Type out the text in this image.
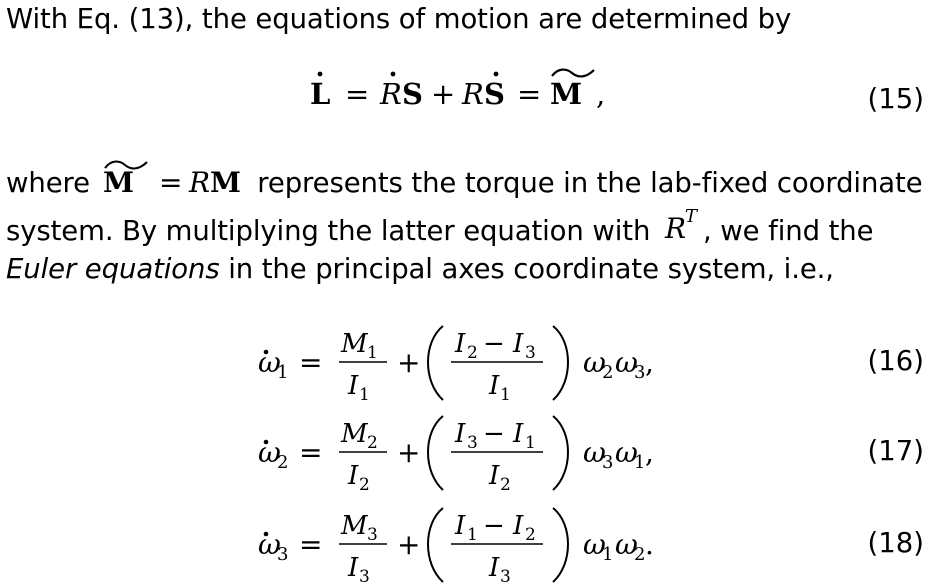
With Eq. (13), the equations of motion are determined by
L = R S + R S = M ,	(15)
where M = R M represents the torque in the lab-fixed coordinate
system. By multiplying the latter equation with R T , we find the
Euler equations in the principal axes coordinate system, i.e.,
ω
1 =
M 1
I 1
+
I 2 − I 3
I 1
ω
2 ω
3 ,	(16)
ω
2 =
M 2
I 2
+
I 3 − I 1
I 2
ω
3 ω
1 ,	(17)
ω
3 =
M 3
I 3
+
I 1 − I 2
I 3
ω
1 ω
2 .	(18)
